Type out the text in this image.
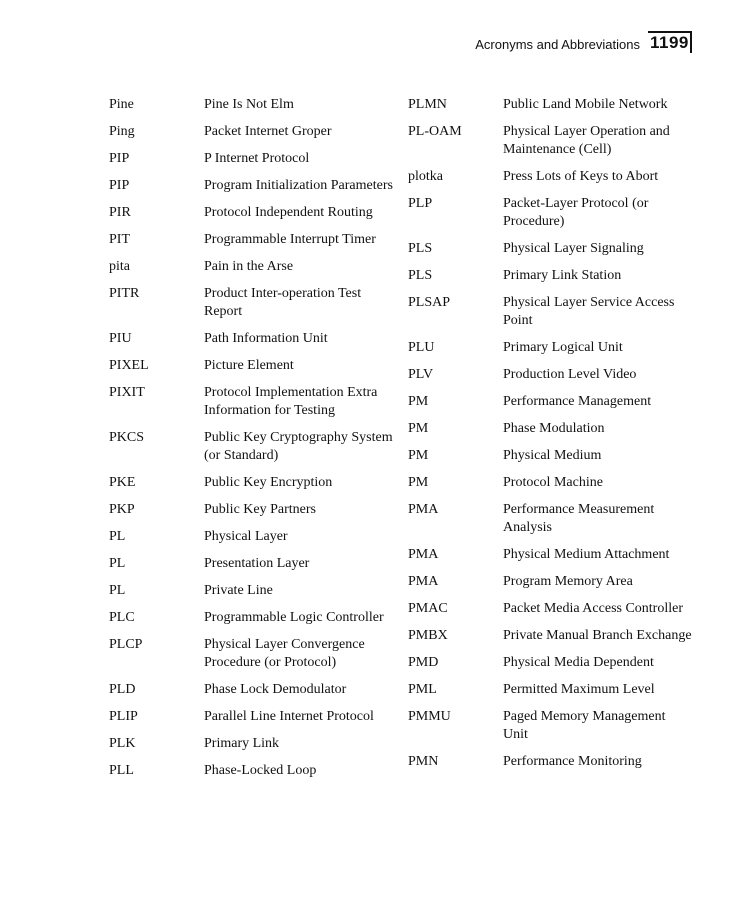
Acronyms and Abbreviations 1199
Pine	Pine Is Not Elm
Ping	Packet Internet Groper
PIP	P Internet Protocol
PIP	Program Initialization Parameters
PIR	Protocol Independent Routing
PIT	Programmable Interrupt Timer
pita	Pain in the Arse
PITR	Product Inter-operation Test Report
PIU	Path Information Unit
PIXEL	Picture Element
PIXIT	Protocol Implementation Extra Information for Testing
PKCS	Public Key Cryptography System (or Standard)
PKE	Public Key Encryption
PKP	Public Key Partners
PL	Physical Layer
PL	Presentation Layer
PL	Private Line
PLC	Programmable Logic Controller
PLCP	Physical Layer Convergence Procedure (or Protocol)
PLD	Phase Lock Demodulator
PLIP	Parallel Line Internet Protocol
PLK	Primary Link
PLL	Phase-Locked Loop
PLMN	Public Land Mobile Network
PL-OAM	Physical Layer Operation and Maintenance (Cell)
plotka	Press Lots of Keys to Abort
PLP	Packet-Layer Protocol (or Procedure)
PLS	Physical Layer Signaling
PLS	Primary Link Station
PLSAP	Physical Layer Service Access Point
PLU	Primary Logical Unit
PLV	Production Level Video
PM	Performance Management
PM	Phase Modulation
PM	Physical Medium
PM	Protocol Machine
PMA	Performance Measurement Analysis
PMA	Physical Medium Attachment
PMA	Program Memory Area
PMAC	Packet Media Access Controller
PMBX	Private Manual Branch Exchange
PMD	Physical Media Dependent
PML	Permitted Maximum Level
PMMU	Paged Memory Management Unit
PMN	Performance Monitoring
